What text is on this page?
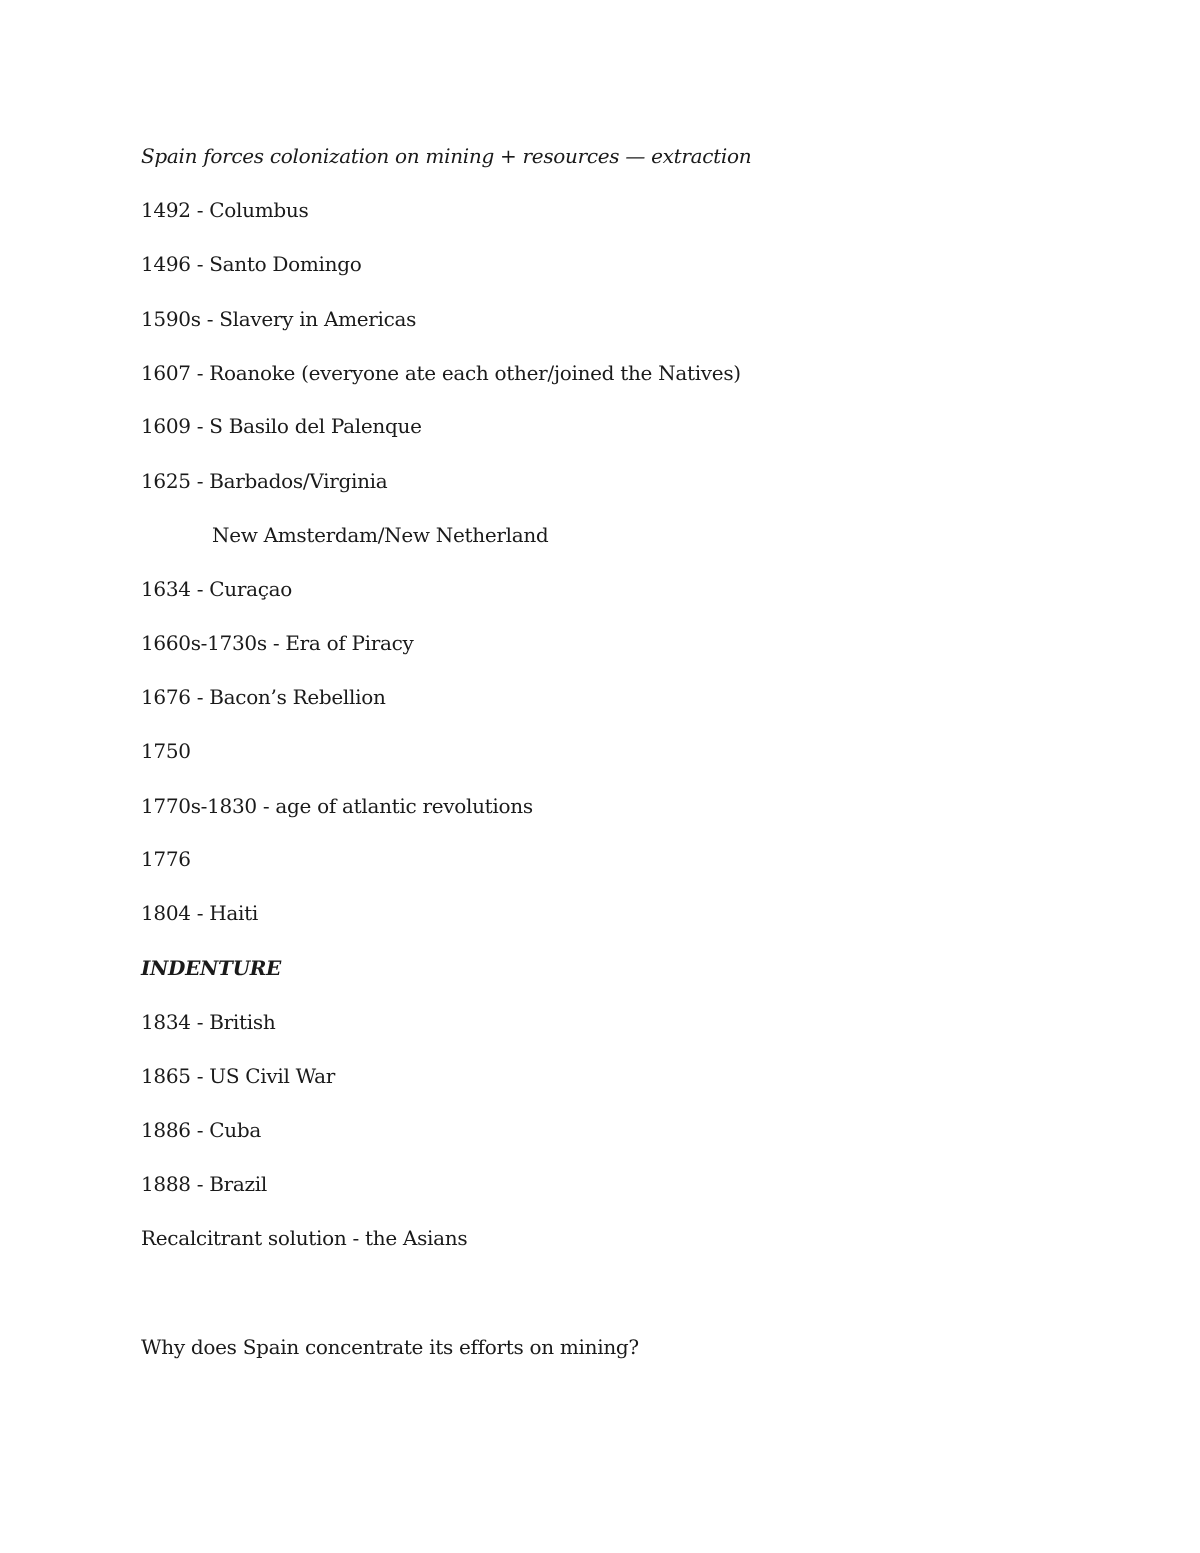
Spain forces colonization on mining + resources — extraction
1492 - Columbus
1496 - Santo Domingo
1590s - Slavery in Americas
1607 - Roanoke (everyone ate each other/joined the Natives)
1609 - S Basilo del Palenque
1625 - Barbados/Virginia
New Amsterdam/New Netherland
1634 - Curaçao
1660s-1730s - Era of Piracy
1676 - Bacon’s Rebellion
1750
1770s-1830 - age of atlantic revolutions
1776
1804 - Haiti
INDENTURE
1834 - British
1865 - US Civil War
1886 - Cuba
1888 - Brazil
Recalcitrant solution - the Asians
Why does Spain concentrate its efforts on mining?
